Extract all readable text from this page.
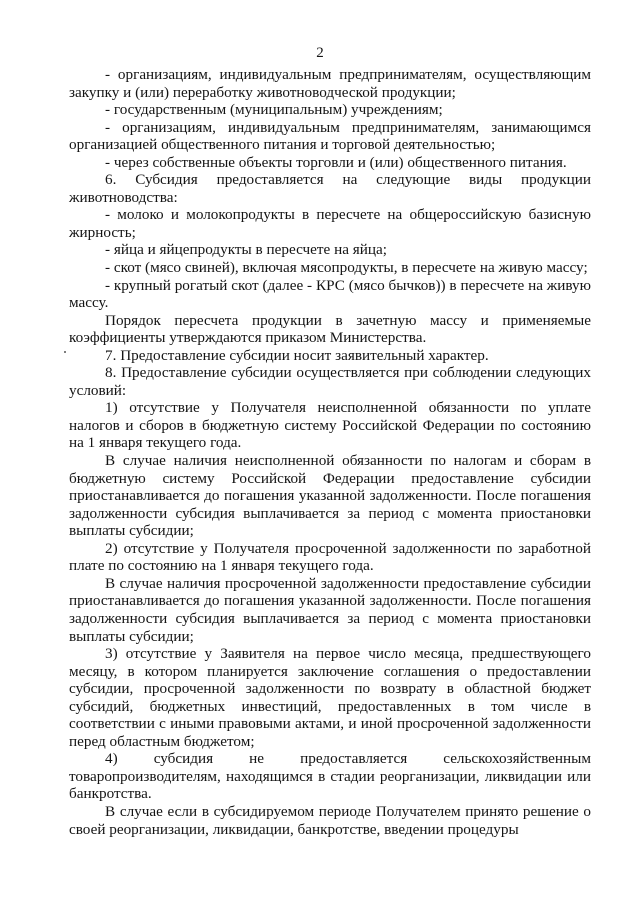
2

- организациям, индивидуальным предпринимателям, осуществляющим закупку и (или) переработку животноводческой продукции;

- государственным (муниципальным) учреждениям;

- организациям, индивидуальным предпринимателям, занимающимся организацией общественного питания и торговой деятельностью;

- через собственные объекты торговли и (или) общественного питания.

6. Субсидия предоставляется на следующие виды продукции животноводства:

- молоко и молокопродукты в пересчете на общероссийскую базисную жирность;

- яйца и яйцепродукты в пересчете на яйца;

- скот (мясо свиней), включая мясопродукты, в пересчете на живую массу;

- крупный рогатый скот (далее - КРС (мясо бычков)) в пересчете на живую массу.

Порядок пересчета продукции в зачетную массу и применяемые коэффициенты утверждаются приказом Министерства.

7. Предоставление субсидии носит заявительный характер.

8. Предоставление субсидии осуществляется при соблюдении следующих условий:

1) отсутствие у Получателя неисполненной обязанности по уплате налогов и сборов в бюджетную систему Российской Федерации по состоянию на 1 января текущего года.

В случае наличия неисполненной обязанности по налогам и сборам в бюджетную систему Российской Федерации предоставление субсидии приостанавливается до погашения указанной задолженности. После погашения задолженности субсидия выплачивается за период с момента приостановки выплаты субсидии;

2) отсутствие у Получателя просроченной задолженности по заработной плате по состоянию на 1 января текущего года.

В случае наличия просроченной задолженности предоставление субсидии приостанавливается до погашения указанной задолженности. После погашения задолженности субсидия выплачивается за период с момента приостановки выплаты субсидии;

3) отсутствие у Заявителя на первое число месяца, предшествующего месяцу, в котором планируется заключение соглашения о предоставлении субсидии, просроченной задолженности по возврату в областной бюджет субсидий, бюджетных инвестиций, предоставленных в том числе в соответствии с иными правовыми актами, и иной просроченной задолженности перед областным бюджетом;

4) субсидия не предоставляется сельскохозяйственным товаропроизводителям, находящимся в стадии реорганизации, ликвидации или банкротства.

В случае если в субсидируемом периоде Получателем принято решение о своей реорганизации, ликвидации, банкротстве, введении процедуры
